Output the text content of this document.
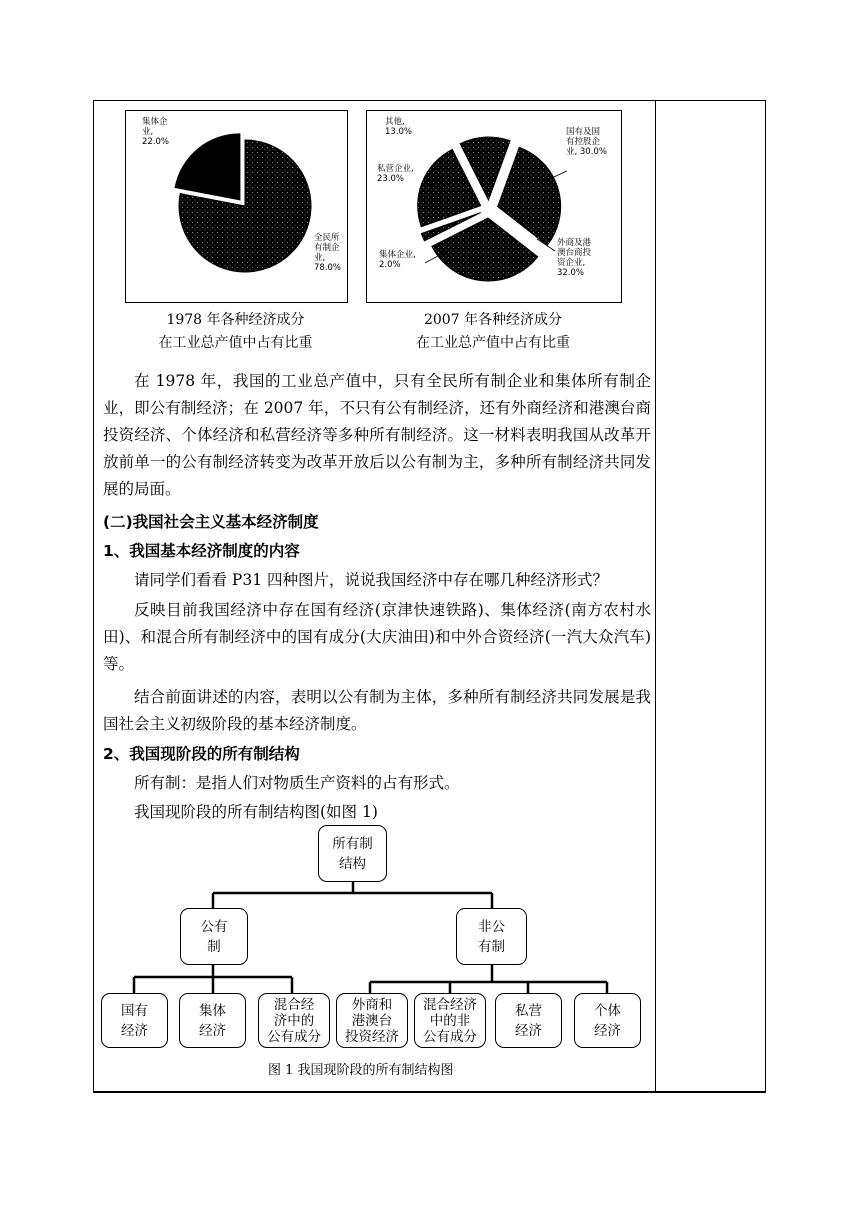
集体企
业,
22.0%
全民所
有制企
业,
78.0%
国有及国
有控股企
业, 30.0%
外商及港
澳台商投
资企业,
32.0%
集体企业,
2.0%
私营企业,
23.0%
其他,
13.0%
1978 年各种经济成分
在工业总产值中占有比重
2007 年各种经济成分
在工业总产值中占有比重

在 1978 年，我国的工业总产值中，只有全民所有制企业和集体所有制企业，即公有制经济；在 2007 年，不只有公有制经济，还有外商经济和港澳台商投资经济、个体经济和私营经济等多种所有制经济。这一材料表明我国从改革开放前单一的公有制经济转变为改革开放后以公有制为主，多种所有制经济共同发展的局面。

(二)我国社会主义基本经济制度

1、我国基本经济制度的内容

请同学们看看 P31 四种图片，说说我国经济中存在哪几种经济形式？

反映目前我国经济中存在国有经济(京津快速铁路)、集体经济(南方农村水田)、和混合所有制经济中的国有成分(大庆油田)和中外合资经济(一汽大众汽车)等。

结合前面讲述的内容，表明以公有制为主体，多种所有制经济共同发展是我国社会主义初级阶段的基本经济制度。

2、我国现阶段的所有制结构

所有制：是指人们对物质生产资料的占有形式。

我国现阶段的所有制结构图(如图 1)

所有制
结构
公有
制
非公
有制
国有
经济
集体
经济
混合经
济中的
公有成分
外商和
港澳台
投资经济
混合经济
中的非
公有成分
私营
经济
个体
经济
图 1 我国现阶段的所有制结构图
